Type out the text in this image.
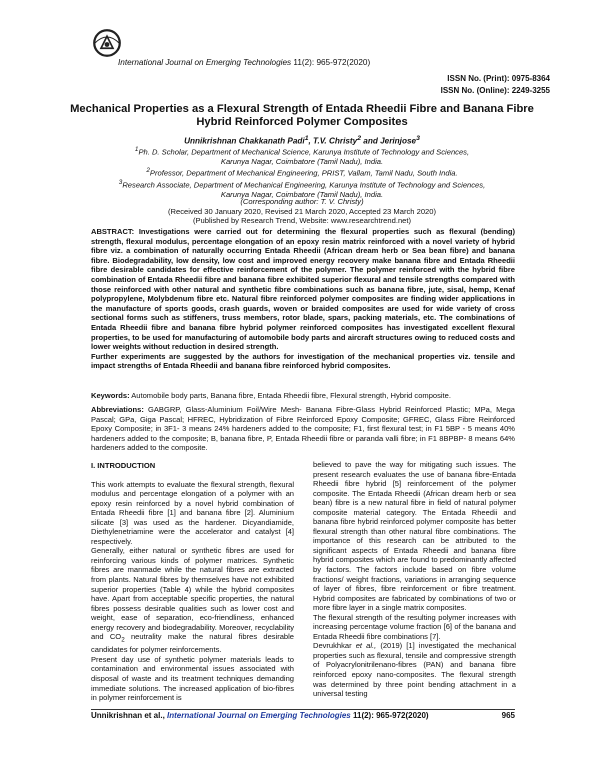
International Journal on Emerging Technologies 11(2): 965-972(2020)
ISSN No. (Print): 0975-8364
ISSN No. (Online): 2249-3255
Mechanical Properties as a Flexural Strength of Entada Rheedii Fibre and Banana Fibre Hybrid Reinforced Polymer Composites
Unnikrishnan Chakkanath Padi$^1$, T.V. Christy$^2$ and Jerinjose$^3$
$^1$Ph. D. Scholar, Department of Mechanical Science, Karunya Institute of Technology and Sciences,
Karunya Nagar, Coimbatore (Tamil Nadu), India.
$^2$Professor, Department of Mechanical Engineering, PRIST, Vallam, Tamil Nadu, South India.
$^3$Research Associate, Department of Mechanical Engineering, Karunya Institute of Technology and Sciences,
Karunya Nagar, Coimbatore (Tamil Nadu), India.
(Corresponding author: T. V. Christy)
(Received 30 January 2020, Revised 21 March 2020, Accepted 23 March 2020)
(Published by Research Trend, Website: www.researchtrend.net)
ABSTRACT: Investigations were carried out for determining the flexural properties such as flexural (bending) strength, flexural modulus, percentage elongation of an epoxy resin matrix reinforced with a novel variety of hybrid fibre viz. a combination of naturally occurring Entada Rheedii (African dream herb or Sea bean fibre) and banana fibre. Biodegradability, low density, low cost and improved energy recovery make banana fibre and Entada Rheedii fibre desirable candidates for effective reinforcement of the polymer. The polymer reinforced with the hybrid fibre combination of Entada Rheedii fibre and banana fibre exhibited superior flexural and tensile strengths compared with those reinforced with other natural and synthetic fibre combinations such as banana fibre, jute, sisal, hemp, Kenaf polypropylene, Molybdenum fibre etc. Natural fibre reinforced polymer composites are finding wider applications in the manufacture of sports goods, crash guards, woven or braided composites are used for wide variety of cross sectional forms such as stiffeners, truss members, rotor blade, spars, packing materials, etc. The combinations of Entada Rheedii fibre and banana fibre hybrid polymer reinforced composites has investigated excellent flexural properties, to be used for manufacturing of automobile body parts and aircraft structures owing to reduced costs and lower weights without reduction in desired strength.
Further experiments are suggested by the authors for investigation of the mechanical properties viz. tensile and impact strengths of Entada Rheedii and banana fibre reinforced hybrid composites.
Keywords: Automobile body parts, Banana fibre, Entada Rheedii fibre, Flexural strength, Hybrid composite.
Abbreviations: GABGRP, Glass-Aluminium Foil/Wire Mesh- Banana Fibre-Glass Hybrid Reinforced Plastic; MPa, Mega Pascal; GPa, Giga Pascal; HFREC, Hybridization of Fibre Reinforced Epoxy Composite; GFREC, Glass Fibre Reinforced Epoxy Composite; in 3F1- 3 means 24% hardeners added to the composite; F1, first flexural test; in F1 5BP - 5 means 40% hardeners added to the composite; B, banana fibre, P, Entada Rheedii fibre or paranda valli fibre; in F1 8BPBP- 8 means 64% hardeners added to the composite.

I. INTRODUCTION

This work attempts to evaluate the flexural strength, flexural modulus and percentage elongation of a polymer with an epoxy resin reinforced by a novel hybrid combination of Entada Rheedii fibre [1] and banana fibre [2]. Aluminium silicate [3] was used as the hardener. Dicyandiamide, Diethylenetriamine were the accelerator and catalyst [4] respectively.

Generally, either natural or synthetic fibres are used for reinforcing various kinds of polymer matrices. Synthetic fibres are manmade while the natural fibres are extracted from plants. Natural fibres by themselves have not exhibited superior properties (Table 4) while the hybrid composites have. Apart from acceptable specific properties, the natural fibres possess desirable qualities such as lower cost and weight, ease of separation, eco-friendliness, enhanced energy recovery and biodegradability. Moreover, recyclability and $CO_2$ neutrality make the natural fibres desirable candidates for polymer reinforcements.

Present day use of synthetic polymer materials leads to contamination and environmental issues associated with disposal of waste and its treatment techniques demanding immediate solutions. The increased application of bio-fibres in polymer reinforcement is

believed to pave the way for mitigating such issues. The present research evaluates the use of banana fibre-Entada Rheedii fibre hybrid [5] reinforcement of the polymer composite. The Entada Rheedii (African dream herb or sea bean) fibre is a new natural fibre in field of natural polymer composite material category. The Entada Rheedii and banana fibre hybrid reinforced polymer composite has better flexural strength than other natural fibre combinations. The importance of this research can be attributed to the significant aspects of Entada Rheedii and banana fibre hybrid composites which are found to predominantly affected by factors. The factors include based on fibre volume fractions/ weight fractions, variations in arranging sequence of layer of fibres, fibre reinforcement or fibre treatment. Hybrid composites are fabricated by combinations of two or more fibre layer in a single matrix composites.

The flexural strength of the resulting polymer increases with increasing percentage volume fraction [6] of the banana and Entada Rheedii fibre combinations [7].

Devrukhkar et al., (2019) [1] investigated the mechanical properties such as flexural, tensile and compressive strength of Polyacrylonitrilenano-fibres (PAN) and banana fibre reinforced epoxy nano-composites. The flexural strength was determined by three point bending attachment in a universal testing

Unnikrishnan et al., International Journal on Emerging Technologies 11(2): 965-972(2020)	965
